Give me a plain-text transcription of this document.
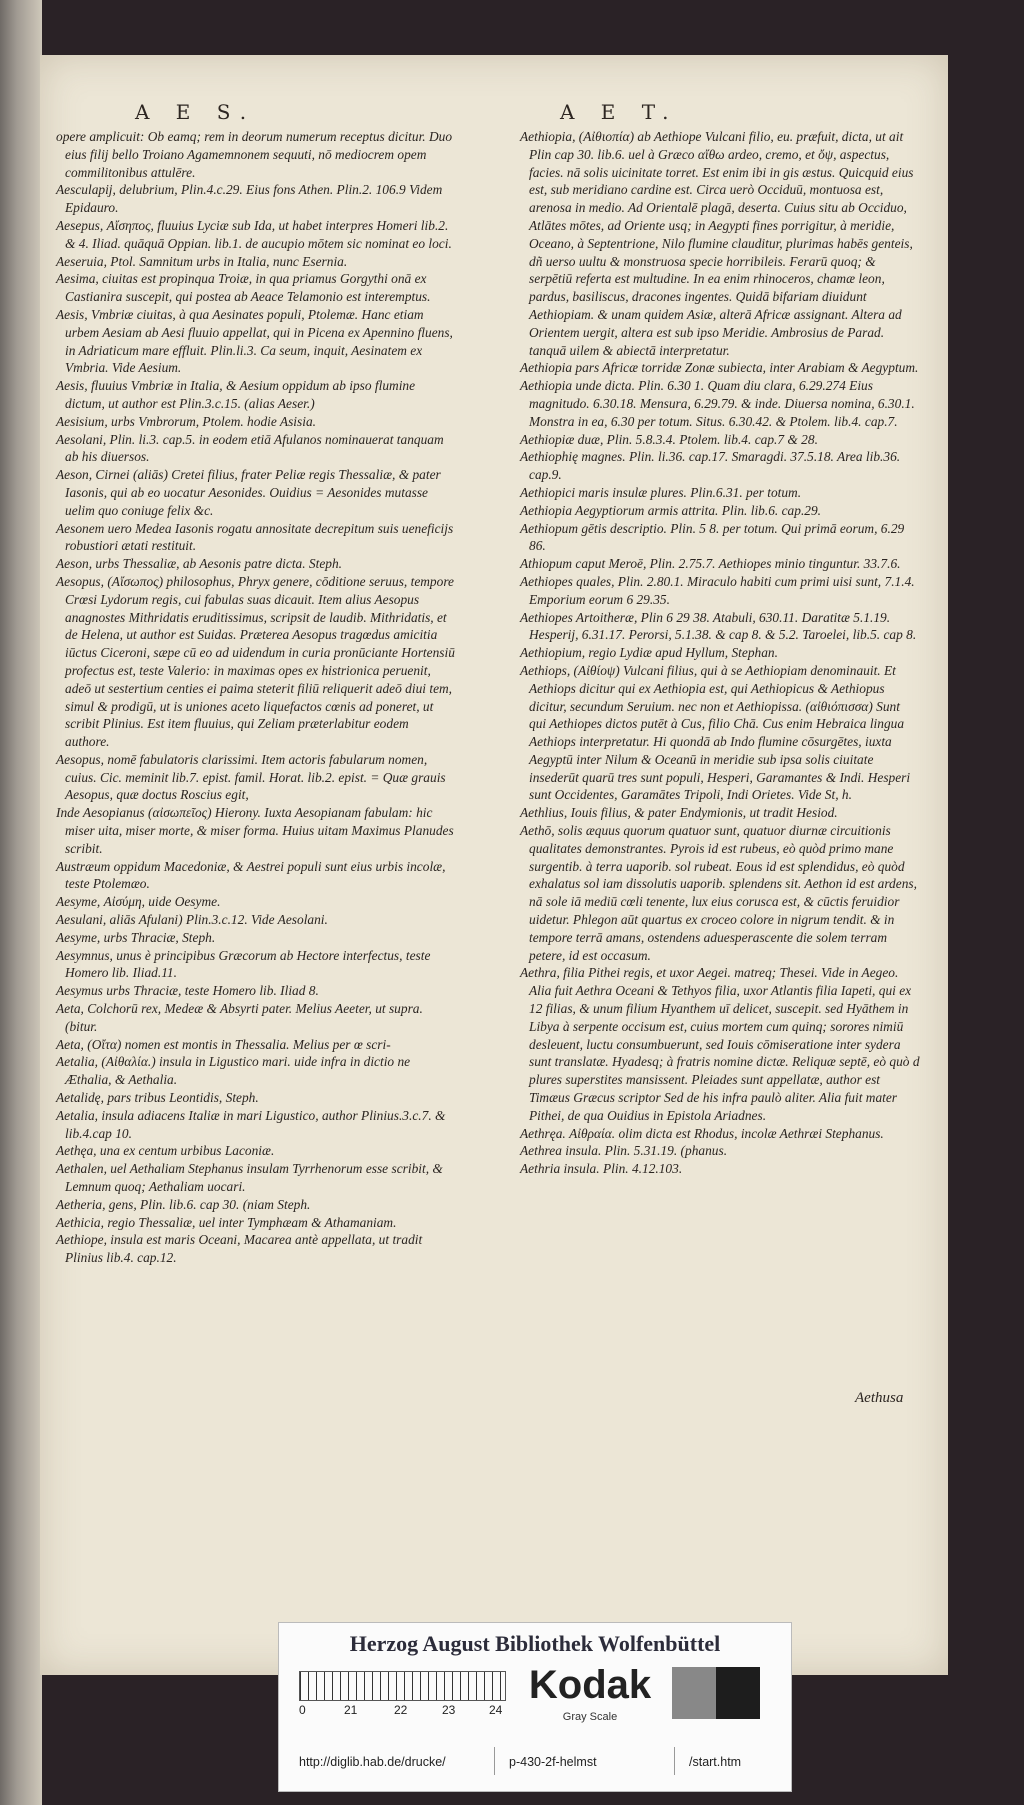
A E S.	A E T.

opere amplicuit: Ob eamq; rem in deorum numerum receptus dicitur. Duo eius filij bello Troiano Agamemnonem sequuti, nō mediocrem opem commilitonibus attulēre.

Aesculapij, delubrium, Plin.4.c.29. Eius fons Athen. Plin.2. 106.9 Videm Epidauro.

Aesepus, Αἴσηπος, fluuius Lyciæ sub Ida, ut habet interpres Homeri lib.2. & 4. Iliad. quāquā Oppian. lib.1. de aucupio mōtem sic nominat eo loci.

Aeseruia, Ptol. Samnitum urbs in Italia, nunc Esernia.

Aesima, ciuitas est propinqua Troiæ, in qua priamus Gorgythi onā ex Castianira suscepit, qui postea ab Aeace Telamonio est interemptus.

Aesis, Vmbriæ ciuitas, à qua Aesinates populi, Ptolemæ. Hanc etiam urbem Aesiam ab Aesi fluuio appellat, qui in Picena ex Apennino fluens, in Adriaticum mare effluit. Plin.li.3. Ca seum, inquit, Aesinatem ex Vmbria. Vide Aesium.

Aesis, fluuius Vmbriæ in Italia, & Aesium oppidum ab ipso flumine dictum, ut author est Plin.3.c.15. (alias Aeser.)

Aesisium, urbs Vmbrorum, Ptolem. hodie Asisia.

Aesolani, Plin. li.3. cap.5. in eodem etiā Afulanos nominauerat tanquam ab his diuersos.

Aeson, Cirnei (aliās) Cretei filius, frater Peliæ regis Thessaliæ, & pater Iasonis, qui ab eo uocatur Aesonides. Ouidius = Aesonides mutasse uelim quo coniuge felix &c.

Aesonem uero Medea Iasonis rogatu annositate decrepitum suis ueneficijs robustiori ætati restituit.

Aeson, urbs Thessaliæ, ab Aesonis patre dicta. Steph.

Aesopus, (Αἴσωπος) philosophus, Phryx genere, cōditione seruus, tempore Crœsi Lydorum regis, cui fabulas suas dicauit. Item alius Aesopus anagnostes Mithridatis eruditissimus, scripsit de laudib. Mithridatis, et de Helena, ut author est Suidas. Præterea Aesopus tragœdus amicitia iūctus Ciceroni, sæpe cū eo ad uidendum in curia pronūciante Hortensiū profectus est, teste Valerio: in maximas opes ex histrionica peruenit, adeō ut sestertium centies ei paima steterit filiū reliquerit adeō diui tem, simul & prodigū, ut is uniones aceto liquefactos cœnis ad poneret, ut scribit Plinius. Est item fluuius, qui Zeliam præterlabitur eodem authore.

Aesopus, nomē fabulatoris clarissimi. Item actoris fabularum nomen, cuius. Cic. meminit lib.7. epist. famil. Horat. lib.2. epist. = Quæ grauis Aesopus, quæ doctus Roscius egit,

Inde Aesopianus (αἰσωπεῖος) Hierony. Iuxta Aesopianam fabulam: hic miser uita, miser morte, & miser forma. Huius uitam Maximus Planudes scribit.

Austræum oppidum Macedoniæ, & Aestrei populi sunt eius urbis incolæ, teste Ptolemæo.

Aesyme, Αἰσύμη, uide Oesyme.

Aesulani, aliās Afulani) Plin.3.c.12. Vide Aesolani.

Aesyme, urbs Thraciæ, Steph.

Aesymnus, unus è principibus Græcorum ab Hectore interfectus, teste Homero lib. Iliad.11.

Aesymus urbs Thraciæ, teste Homero lib. Iliad 8.

Aeta, Colchorū rex, Medeæ & Absyrti pater. Melius Aeeter, ut supra. (bitur.

Aeta, (Οἴτα) nomen est montis in Thessalia. Melius per œ scri-

Aetalia, (Αἰθαλία.) insula in Ligustico mari. uide infra in dictio ne Æthalia, & Aethalia.

Aetalidę, pars tribus Leontidis, Steph.

Aetalia, insula adiacens Italiæ in mari Ligustico, author Plinius.3.c.7. & lib.4.cap 10.

Aethęa, una ex centum urbibus Laconiæ.

Aethalen, uel Aethaliam Stephanus insulam Tyrrhenorum esse scribit, & Lemnum quoq; Aethaliam uocari.

Aetheria, gens, Plin. lib.6. cap 30. (niam Steph.

Aethicia, regio Thessaliæ, uel inter Tymphæam & Athamaniam.

Aethiope, insula est maris Oceani, Macarea antè appellata, ut tradit Plinius lib.4. cap.12.

Aethiopia, (Αἰθιοπία) ab Aethiope Vulcani filio, eu. præfuit, dicta, ut ait Plin cap 30. lib.6. uel à Græco αἴθω ardeo, cremo, et ὄψ, aspectus, facies. nā solis uicinitate torret. Est enim ibi in gis æstus. Quicquid eius est, sub meridiano cardine est. Circa uerò Occiduū, montuosa est, arenosa in medio. Ad Orientalē plagā, deserta. Cuius situ ab Occiduo, Atlātes mōtes, ad Oriente usq; in Aegypti fines porrigitur, à meridie, Oceano, à Septentrione, Nilo flumine clauditur, plurimas habēs genteis, dñ uerso uultu & monstruosa specie horribileis. Ferarū quoq; & serpētiū referta est multudine. In ea enim rhinoceros, chamæ leon, pardus, basiliscus, dracones ingentes. Quidā bifariam diuidunt Aethiopiam. & unam quidem Asiæ, alterā Africæ assignant. Altera ad Orientem uergit, altera est sub ipso Meridie. Ambrosius de Parad. tanquā uilem & abiectā interpretatur.

Aethiopia pars Africæ torridæ Zonæ subiecta, inter Arabiam & Aegyptum.

Aethiopia unde dicta. Plin. 6.30 1. Quam diu clara, 6.29.274 Eius magnitudo. 6.30.18. Mensura, 6.29.79. & inde. Diuersa nomina, 6.30.1. Monstra in ea, 6.30 per totum. Situs. 6.30.42. & Ptolem. lib.4. cap.7.

Aethiopiæ duæ, Plin. 5.8.3.4. Ptolem. lib.4. cap.7 & 28.

Aethiophię magnes. Plin. li.36. cap.17. Smaragdi. 37.5.18. Area lib.36. cap.9.

Aethiopici maris insulæ plures. Plin.6.31. per totum.

Aethiopia Aegyptiorum armis attrita. Plin. lib.6. cap.29.

Aethiopum gētis descriptio. Plin. 5 8. per totum. Qui primā eorum, 6.29 86.

Athiopum caput Meroē, Plin. 2.75.7. Aethiopes minio tinguntur. 33.7.6.

Aethiopes quales, Plin. 2.80.1. Miraculo habiti cum primi uisi sunt, 7.1.4. Emporium eorum 6 29.35.

Aethiopes Artoitheræ, Plin 6 29 38. Atabuli, 630.11. Daratitæ 5.1.19. Hesperij, 6.31.17. Perorsi, 5.1.38. & cap 8. & 5.2. Taroelei, lib.5. cap 8.

Aethiopium, regio Lydiæ apud Hyllum, Stephan.

Aethiops, (Αἰθίοψ) Vulcani filius, qui à se Aethiopiam denominauit. Et Aethiops dicitur qui ex Aethiopia est, qui Aethiopicus & Aethiopus dicitur, secundum Seruium. nec non et Aethiopissa. (αἰθιόπισσα) Sunt qui Aethiopes dictos putēt à Cus, filio Chā. Cus enim Hebraica lingua Aethiops interpretatur. Hi quondā ab Indo flumine cōsurgētes, iuxta Aegyptū inter Nilum & Oceanū in meridie sub ipsa solis ciuitate insederūt quarū tres sunt populi, Hesperi, Garamantes & Indi. Hesperi sunt Occidentes, Garamātes Tripoli, Indi Orietes. Vide St, h.

Aethlius, Iouis filius, & pater Endymionis, ut tradit Hesiod.

Aethō, solis æquus quorum quatuor sunt, quatuor diurnæ circuitionis qualitates demonstrantes. Pyrois id est rubeus, eò quòd primo mane surgentib. à terra uaporib. sol rubeat. Eous id est splendidus, eò quòd exhalatus sol iam dissolutis uaporib. splendens sit. Aethon id est ardens, nā sole iā mediū cœli tenente, lux eius corusca est, & cūctis feruidior uidetur. Phlegon aūt quartus ex croceo colore in nigrum tendit. & in tempore terrā amans, ostendens aduesperascente die solem terram petere, id est occasum.

Aethra, filia Pithei regis, et uxor Aegei. matreq; Thesei. Vide in Aegeo. Alia fuit Aethra Oceani & Tethyos filia, uxor Atlantis filia Iapeti, qui ex 12 filias, & unum filium Hyanthem uī delicet, suscepit. sed Hyāthem in Libya à serpente occisum est, cuius mortem cum quinq; sorores nimiū desleuent, luctu consumbuerunt, sed Iouis cōmiseratione inter sydera sunt translatæ. Hyadesq; à fratris nomine dictæ. Reliquæ septē, eò quò d plures superstites mansissent. Pleiades sunt appellatæ, author est Timæus Græcus scriptor Sed de his infra paulò aliter. Alia fuit mater Pithei, de qua Ouidius in Epistola Ariadnes.

Aethręa. Αἰθραία. olim dicta est Rhodus, incolæ Aethræi Stephanus.

Aethrea insula. Plin. 5.31.19. (phanus.

Aethria insula. Plin. 4.12.103.

Aethusa
Herzog August Bibliothek Wolfenbüttel
0	21	22	23	24
Kodak
Gray Scale
http://diglib.hab.de/drucke/	p-430-2f-helmst	/start.htm
